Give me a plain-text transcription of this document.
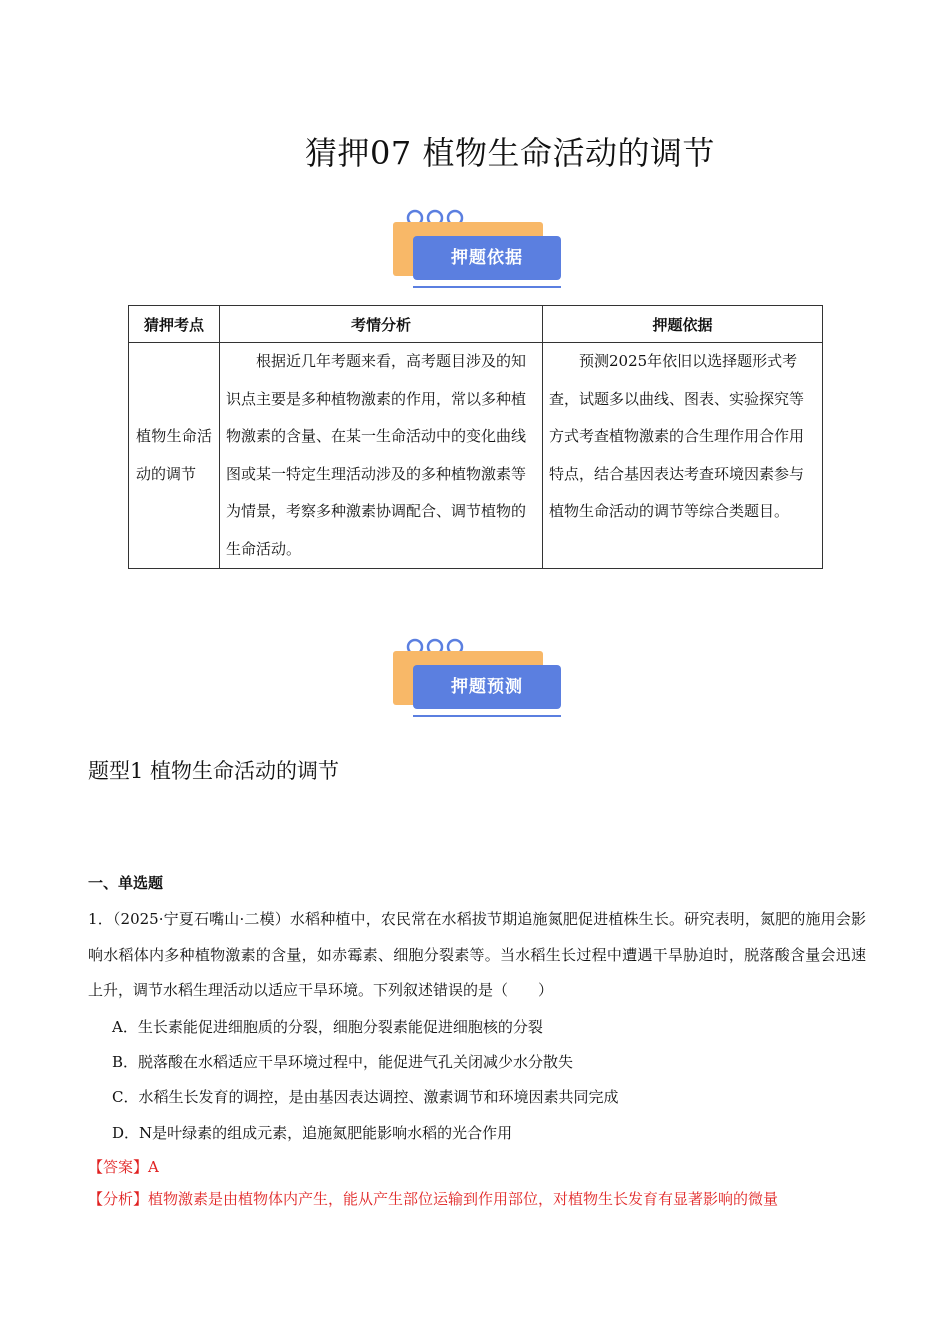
猜押07 植物生命活动的调节
押题依据
猜押考点	考情分析	押题依据
植物生命活动的调节	根据近几年考题来看，高考题目涉及的知识点主要是多种植物激素的作用，常以多种植物激素的含量、在某一生命活动中的变化曲线图或某一特定生理活动涉及的多种植物激素等为情景，考察多种激素协调配合、调节植物的生命活动。	预测2025年依旧以选择题形式考查，试题多以曲线、图表、实验探究等方式考查植物激素的合生理作用合作用特点，结合基因表达考查环境因素参与植物生命活动的调节等综合类题目。
押题预测
题型1 植物生命活动的调节
一、单选题
1．（2025·宁夏石嘴山·二模）水稻种植中，农民常在水稻拔节期追施氮肥促进植株生长。研究表明，氮肥的施用会影响水稻体内多种植物激素的含量，如赤霉素、细胞分裂素等。当水稻生长过程中遭遇干旱胁迫时，脱落酸含量会迅速上升，调节水稻生理活动以适应干旱环境。下列叙述错误的是（　　）
A．生长素能促进细胞质的分裂，细胞分裂素能促进细胞核的分裂
B．脱落酸在水稻适应干旱环境过程中，能促进气孔关闭减少水分散失
C．水稻生长发育的调控，是由基因表达调控、激素调节和环境因素共同完成
D．N是叶绿素的组成元素，追施氮肥能影响水稻的光合作用
【答案】A
【分析】植物激素是由植物体内产生，能从产生部位运输到作用部位，对植物生长发育有显著影响的微量
